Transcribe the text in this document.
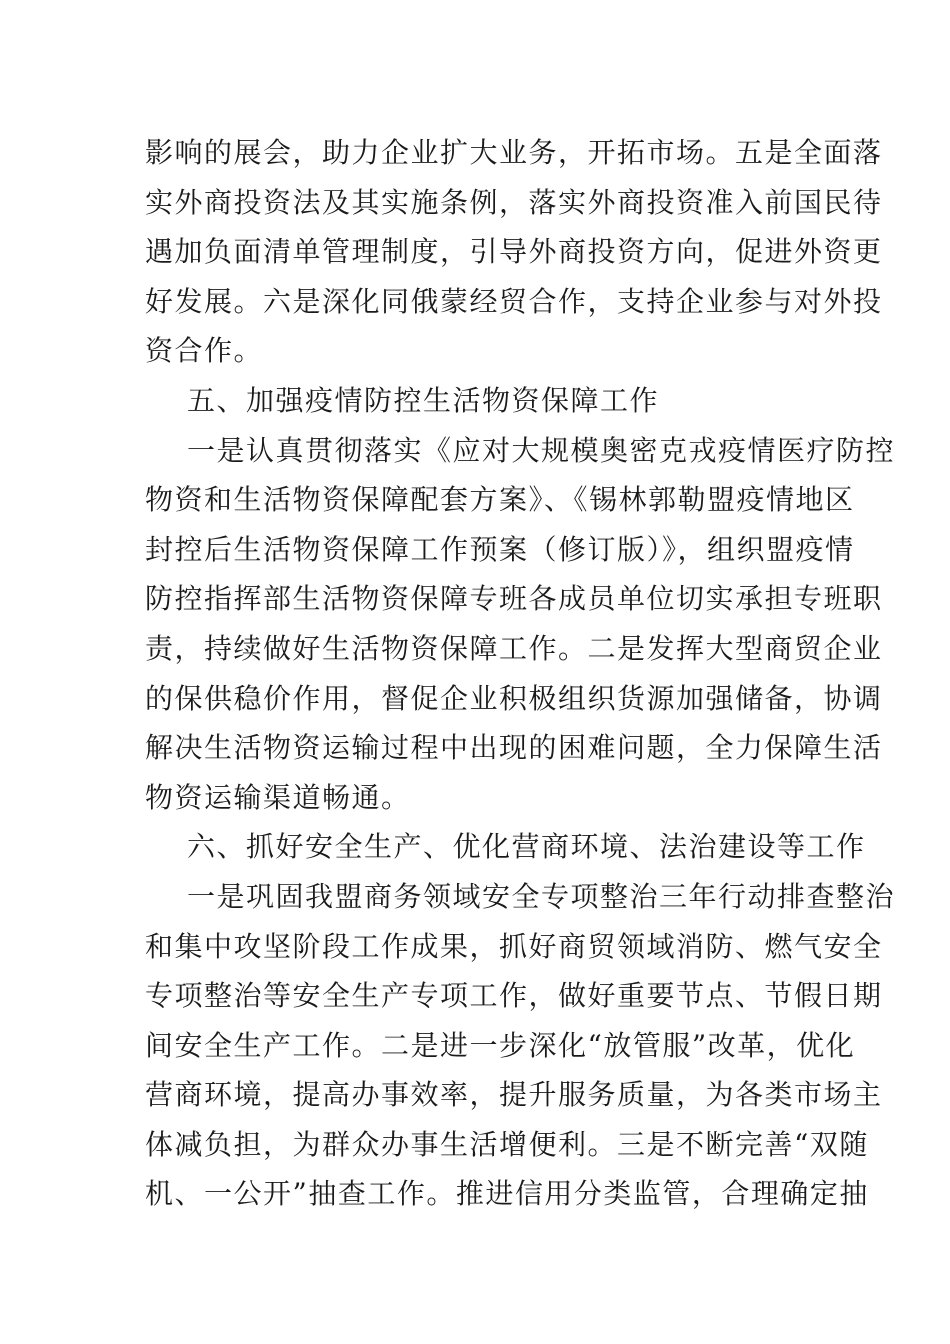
影响的展会，助力企业扩大业务，开拓市场。五是全面落
实外商投资法及其实施条例，落实外商投资准入前国民待
遇加负面清单管理制度，引导外商投资方向，促进外资更
好发展。六是深化同俄蒙经贸合作，支持企业参与对外投
资合作。
五、加强疫情防控生活物资保障工作
一是认真贯彻落实《应对大规模奥密克戎疫情医疗防控
物资和生活物资保障配套方案》、《锡林郭勒盟疫情地区
封控后生活物资保障工作预案（修订版）》，组织盟疫情
防控指挥部生活物资保障专班各成员单位切实承担专班职
责，持续做好生活物资保障工作。二是发挥大型商贸企业
的保供稳价作用，督促企业积极组织货源加强储备，协调
解决生活物资运输过程中出现的困难问题，全力保障生活
物资运输渠道畅通。
六、抓好安全生产、优化营商环境、法治建设等工作
一是巩固我盟商务领域安全专项整治三年行动排查整治
和集中攻坚阶段工作成果，抓好商贸领域消防、燃气安全
专项整治等安全生产专项工作，做好重要节点、节假日期
间安全生产工作。二是进一步深化“放管服”改革，优化
营商环境，提高办事效率，提升服务质量，为各类市场主
体减负担，为群众办事生活增便利。三是不断完善“双随
机、一公开”抽查工作。推进信用分类监管，合理确定抽
